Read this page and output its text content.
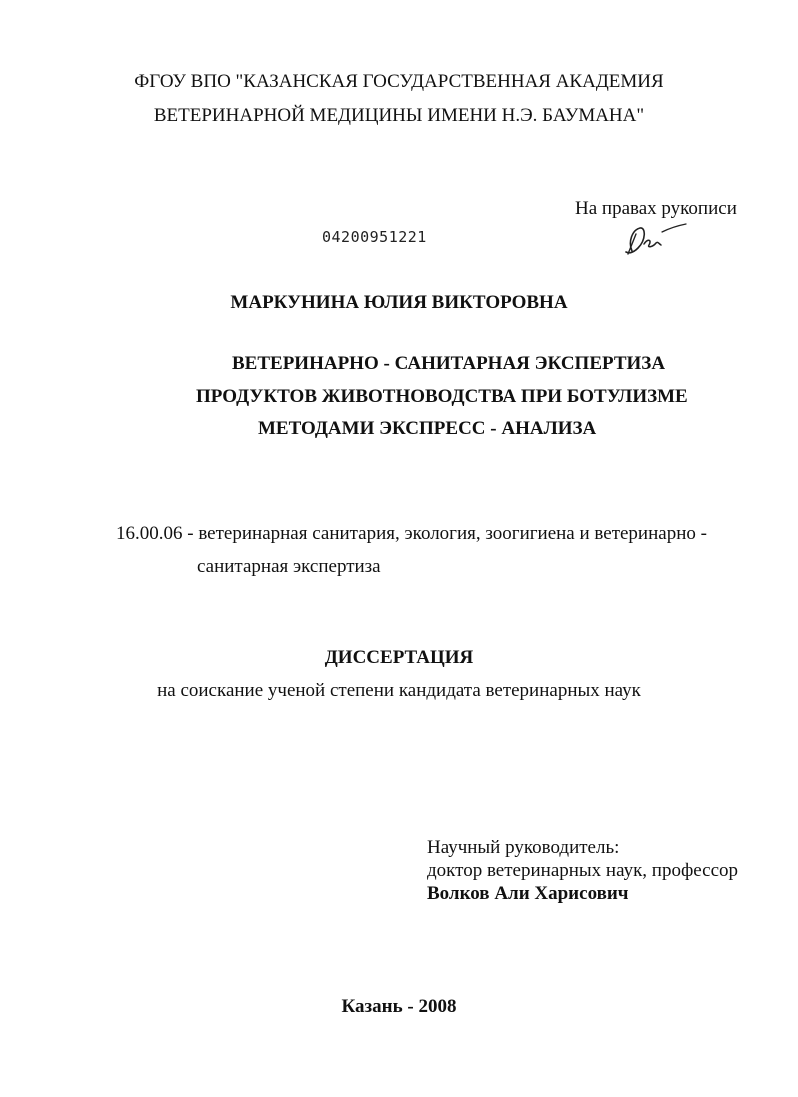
ФГОУ ВПО "КАЗАНСКАЯ ГОСУДАРСТВЕННАЯ АКАДЕМИЯ
ВЕТЕРИНАРНОЙ МЕДИЦИНЫ ИМЕНИ Н.Э. БАУМАНА"
На правах рукописи
04200951221
МАРКУНИНА ЮЛИЯ ВИКТОРОВНА
ВЕТЕРИНАРНО - САНИТАРНАЯ ЭКСПЕРТИЗА
ПРОДУКТОВ ЖИВОТНОВОДСТВА ПРИ БОТУЛИЗМЕ
МЕТОДАМИ ЭКСПРЕСС - АНАЛИЗА
16.00.06 - ветеринарная санитария, экология, зоогигиена и ветеринарно -
санитарная экспертиза
ДИССЕРТАЦИЯ
на соискание ученой степени кандидата ветеринарных наук
Научный руководитель:
доктор ветеринарных наук, профессор
Волков Али Харисович
Казань - 2008
